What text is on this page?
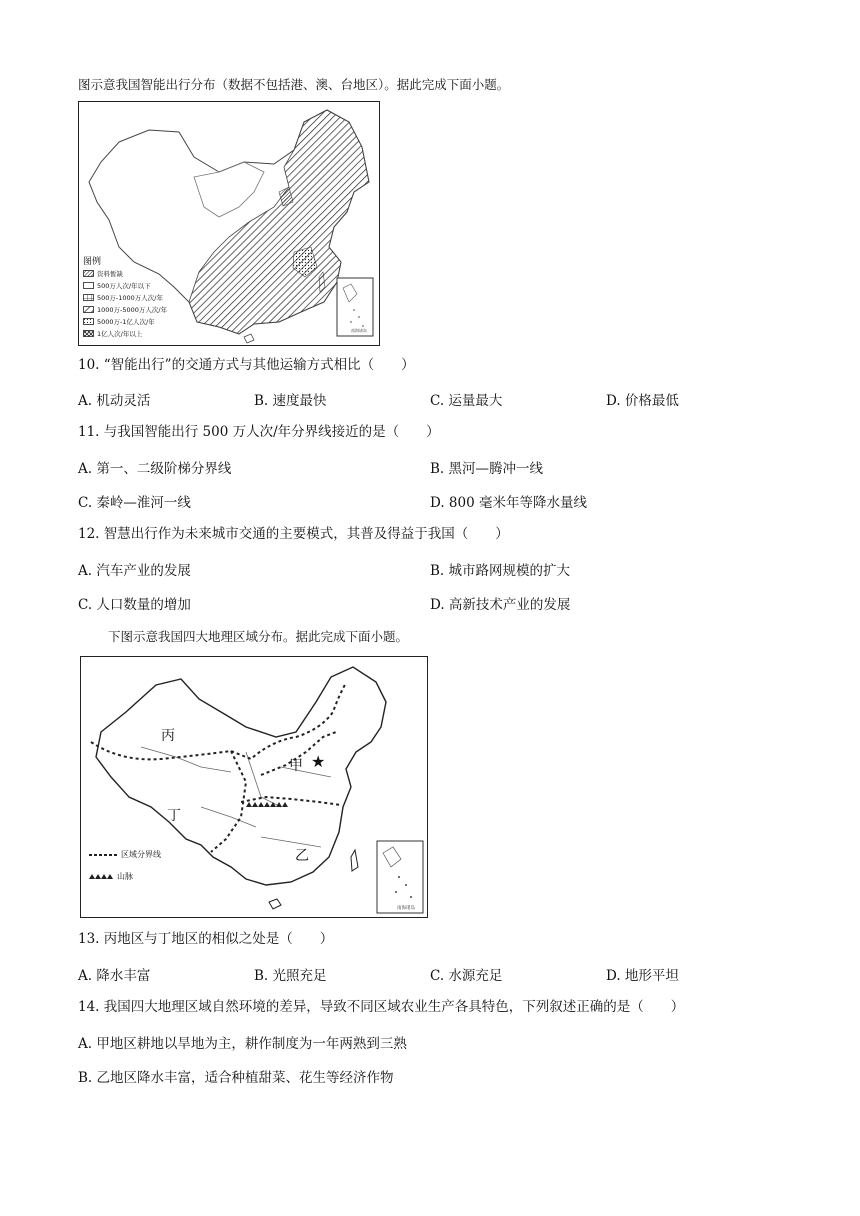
图示意我国智能出行分布（数据不包括港、澳、台地区）。据此完成下面小题。
南海诸岛
图例
资料暂缺
500万人次/年以下
500万-1000万人次/年
1000万-5000万人次/年
5000万-1亿人次/年
1亿人次/年以上
10. “智能出行”的交通方式与其他运输方式相比（　　）
A. 机动灵活	B. 速度最快	C. 运量最大	D. 价格最低
11. 与我国智能出行 500 万人次/年分界线接近的是（　　）
A. 第一、二级阶梯分界线	B. 黑河—腾冲一线
C. 秦岭—淮河一线	D. 800 毫米年等降水量线
12. 智慧出行作为未来城市交通的主要模式，其普及得益于我国（　　）
A. 汽车产业的发展	B. 城市路网规模的扩大
C. 人口数量的增加	D. 高新技术产业的发展
下图示意我国四大地理区域分布。据此完成下面小题。
★
丙
甲
丁
乙
区域分界线
山脉
南海诸岛
13. 丙地区与丁地区的相似之处是（　　）
A. 降水丰富	B. 光照充足	C. 水源充足	D. 地形平坦
14. 我国四大地理区域自然环境的差异，导致不同区域农业生产各具特色，下列叙述正确的是（　　）
A. 甲地区耕地以旱地为主，耕作制度为一年两熟到三熟
B. 乙地区降水丰富，适合种植甜菜、花生等经济作物
